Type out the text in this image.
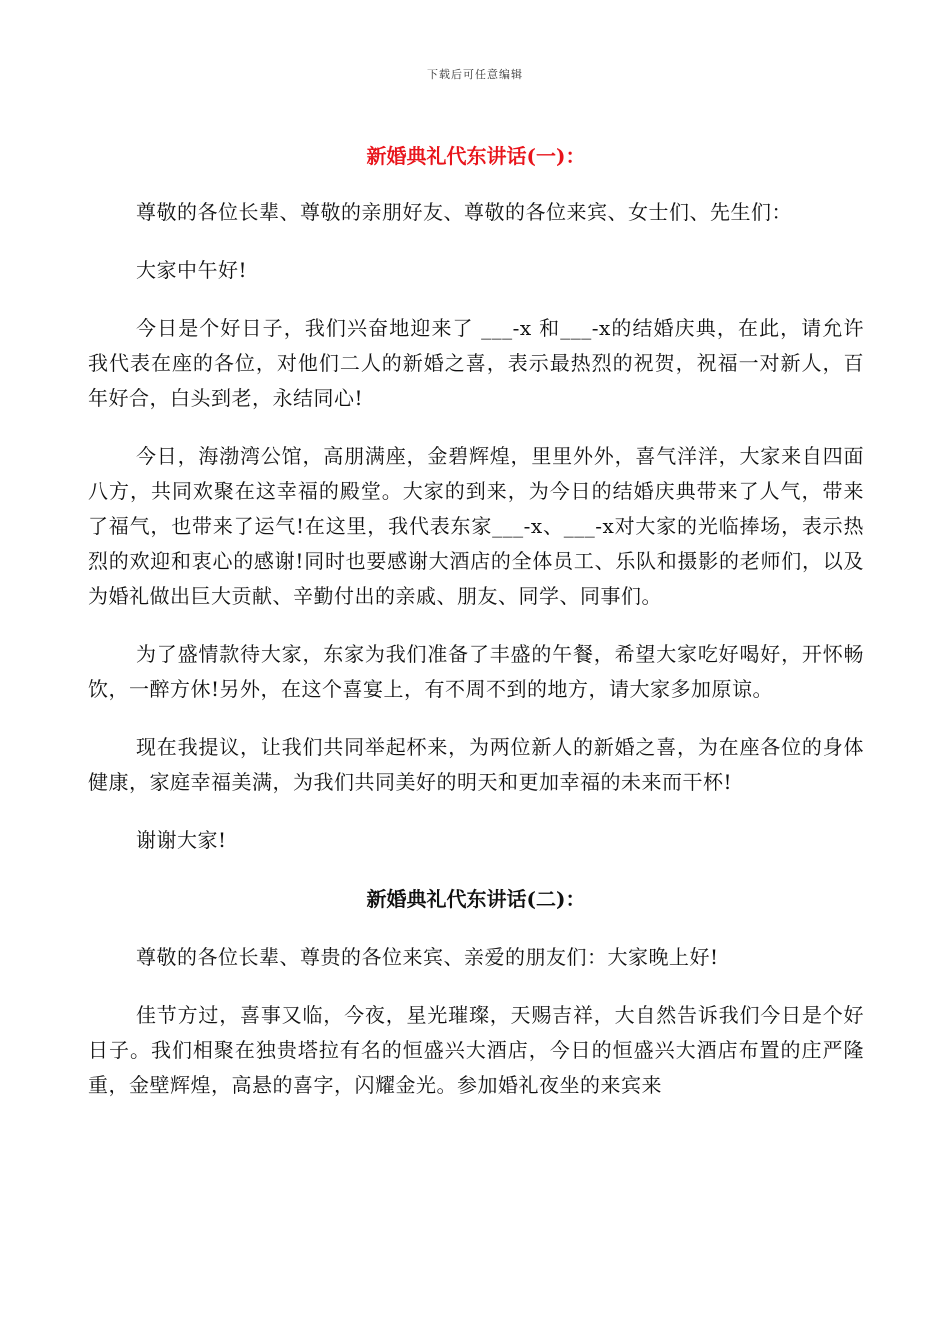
下载后可任意编辑

新婚典礼代东讲话(一)：

尊敬的各位长辈、尊敬的亲朋好友、尊敬的各位来宾、女士们、先生们：

大家中午好!

今日是个好日子，我们兴奋地迎来了 ___-x 和___-x的结婚庆典，在此，请允许我代表在座的各位，对他们二人的新婚之喜，表示最热烈的祝贺，祝福一对新人，百年好合，白头到老，永结同心!

今日，海渤湾公馆，高朋满座，金碧辉煌，里里外外，喜气洋洋，大家来自四面八方，共同欢聚在这幸福的殿堂。大家的到来，为今日的结婚庆典带来了人气，带来了福气，也带来了运气!在这里，我代表东家___-x、___-x对大家的光临捧场，表示热烈的欢迎和衷心的感谢!同时也要感谢大酒店的全体员工、乐队和摄影的老师们，以及为婚礼做出巨大贡献、辛勤付出的亲戚、朋友、同学、同事们。

为了盛情款待大家，东家为我们准备了丰盛的午餐，希望大家吃好喝好，开怀畅饮，一醉方休!另外，在这个喜宴上，有不周不到的地方，请大家多加原谅。

现在我提议，让我们共同举起杯来，为两位新人的新婚之喜，为在座各位的身体健康，家庭幸福美满，为我们共同美好的明天和更加幸福的未来而干杯!

谢谢大家!

新婚典礼代东讲话(二)：

尊敬的各位长辈、尊贵的各位来宾、亲爱的朋友们：大家晚上好!

佳节方过，喜事又临，今夜，星光璀璨，天赐吉祥，大自然告诉我们今日是个好日子。我们相聚在独贵塔拉有名的恒盛兴大酒店，今日的恒盛兴大酒店布置的庄严隆重，金壁辉煌，高悬的喜字，闪耀金光。参加婚礼夜坐的来宾来
